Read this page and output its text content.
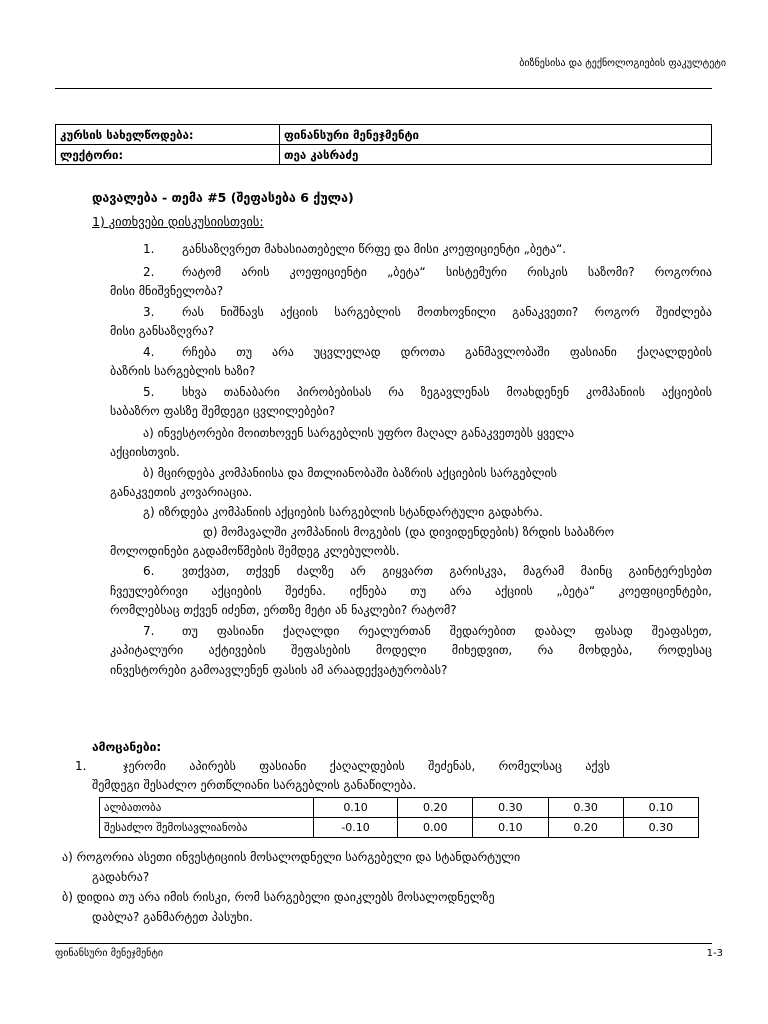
ბიზნესისა და ტექნოლოგიების ფაკულტეტი
კურსის სახელწოდება:	ფინანსური მენეჯმენტი
ლექტორი:	თეა კასრაძე
დავალება - თემა #5 (შეფასება 6 ქულა)
1) კითხვები დისკუსიისთვის:
1. განსაზღვრეთ მახასიათებელი წრფე და მისი კოეფიციენტი „ბეტა“.
2. რატომ არის კოეფიციენტი „ბეტა“ სისტემური რისკის საზომი? როგორია
მისი მნიშვნელობა?
3. რას ნიშნავს აქციის სარგებლის მოთხოვნილი განაკვეთი? როგორ შეიძლება
მისი განსაზღვრა?
4. რჩება თუ არა უცვლელად დროთა განმავლობაში ფასიანი ქაღალდების
ბაზრის სარგებლის ხაზი?
5. სხვა თანაბარი პირობებისას რა ზეგავლენას მოახდენენ კომპანიის აქციების
საბაზრო ფასზე შემდეგი ცვლილებები?
ა) ინვესტორები მოითხოვენ სარგებლის უფრო მაღალ განაკვეთებს ყველა
აქციისთვის.
ბ) მცირდება კომპანიისა და მთლიანობაში ბაზრის აქციების სარგებლის
განაკვეთის კოვარიაცია.
გ) იზრდება კომპანიის აქციების სარგებლის სტანდარტული გადახრა.
დ) მომავალში კომპანიის მოგების (და დივიდენდების) ზრდის საბაზრო
მოლოდინები გადამოწმების შემდეგ კლებულობს.
6. ვთქვათ, თქვენ ძალზე არ გიყვართ გარისკვა, მაგრამ მაინც გაინტერესებთ
ჩვეულებრივი აქციების შეძენა. იქნება თუ არა აქციის „ბეტა“ კოეფიციენტები,
რომლებსაც თქვენ იძენთ, ერთზე მეტი ან ნაკლები? რატომ?
7. თუ ფასიანი ქაღალდი რეალურთან შედარებით დაბალ ფასად შეაფასეთ,
კაპიტალური აქტივების შეფასების მოდელი მიხედვით, რა მოხდება, როდესაც
ინვესტორები გამოავლენენ ფასის ამ არაადექვატურობას?
ამოცანები:
1.	ჯერომი აპირებს ფასიანი ქაღალდების შეძენას, რომელსაც აქვს
შემდეგი შესაძლო ერთწლიანი სარგებლის განაწილება.
ალბათობა	0.10	0.20	0.30	0.30	0.10
შესაძლო შემოსავლიანობა	-0.10	0.00	0.10	0.20	0.30
ა) როგორია ასეთი ინვესტიციის მოსალოდნელი სარგებელი და სტანდარტული
გადახრა?
ბ) დიდია თუ არა იმის რისკი, რომ სარგებელი დაიკლებს მოსალოდნელზე
დაბლა? განმარტეთ პასუხი.
ფინანსური მენეჯმენტი	1-3
